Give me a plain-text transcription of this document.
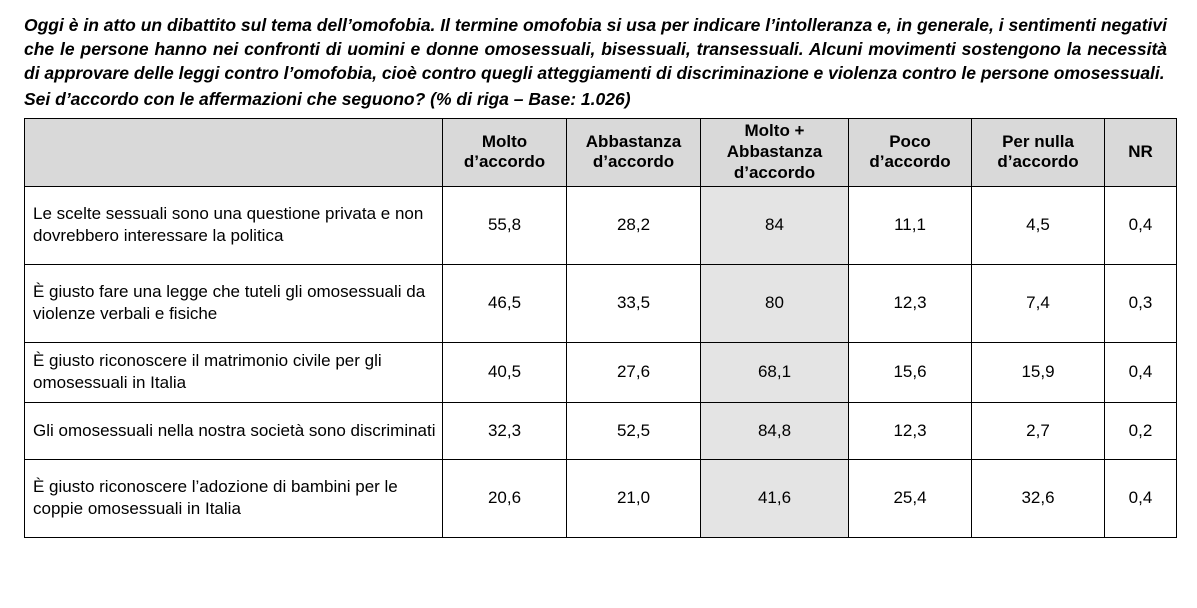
Oggi è in atto un dibattito sul tema dell’omofobia. Il termine omofobia si usa per indicare l’intolleranza e, in generale, i sentimenti negativi che le persone hanno nei confronti di uomini e donne omosessuali, bisessuali, transessuali. Alcuni movimenti sostengono la necessità di approvare delle leggi contro l’omofobia, cioè contro quegli atteggiamenti di discriminazione e violenza contro le persone omosessuali.

Sei d’accordo con le affermazioni che seguono? (% di riga – Base: 1.026)

	Molto d’accordo	Abbastanza d’accordo	Molto + Abbastanza d’accordo	Poco d’accordo	Per nulla d’accordo	NR
Le scelte sessuali sono una questione privata e non dovrebbero interessare la politica	55,8	28,2	84	11,1	4,5	0,4
È giusto fare una legge che tuteli gli omosessuali da violenze verbali e fisiche	46,5	33,5	80	12,3	7,4	0,3
È giusto riconoscere il matrimonio civile per gli omosessuali in Italia	40,5	27,6	68,1	15,6	15,9	0,4
Gli omosessuali nella nostra società sono discriminati	32,3	52,5	84,8	12,3	2,7	0,2
È giusto riconoscere l’adozione di bambini per le coppie omosessuali in Italia	20,6	21,0	41,6	25,4	32,6	0,4
